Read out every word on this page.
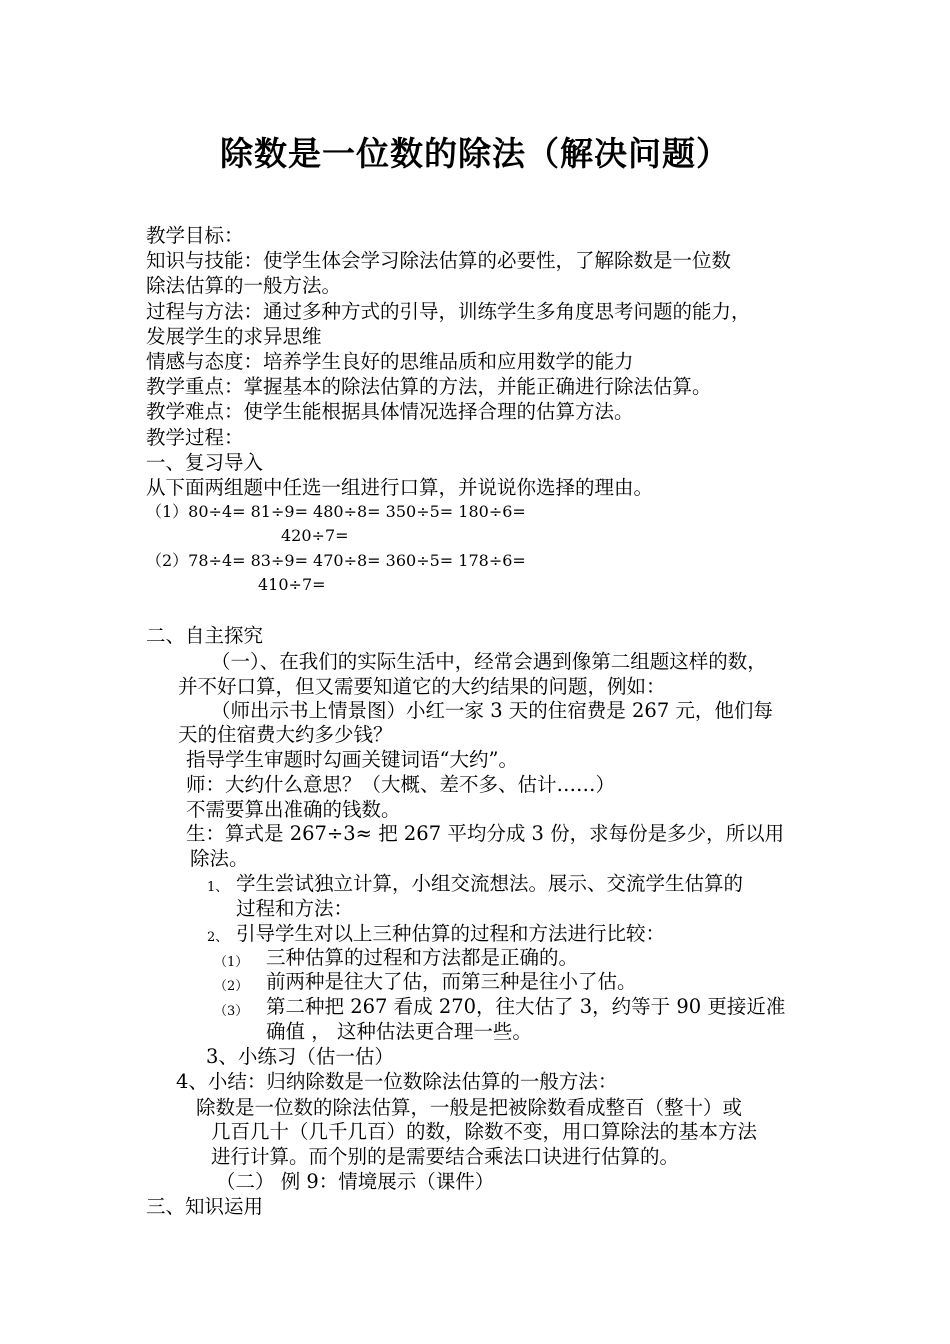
除数是一位数的除法（解决问题）
教学目标：
知识与技能：使学生体会学习除法估算的必要性，了解除数是一位数
除法估算的一般方法。
过程与方法：通过多种方式的引导，训练学生多角度思考问题的能力，
发展学生的求异思维
情感与态度：培养学生良好的思维品质和应用数学的能力
教学重点：掌握基本的除法估算的方法，并能正确进行除法估算。
教学难点：使学生能根据具体情况选择合理的估算方法。
教学过程：
一、复习导入
从下面两组题中任选一组进行口算，并说说你选择的理由。
（1）80÷4= 81÷9= 480÷8= 350÷5= 180÷6=
420÷7=
（2）78÷4= 83÷9= 470÷8= 360÷5= 178÷6=
410÷7=
二、自主探究
（一）、在我们的实际生活中，经常会遇到像第二组题这样的数，
并不好口算，但又需要知道它的大约结果的问题，例如：
（师出示书上情景图）小红一家 3 天的住宿费是 267 元，他们每
天的住宿费大约多少钱？
指导学生审题时勾画关键词语“大约”。
师：大约什么意思？（大概、差不多、估计……）
不需要算出准确的钱数。
生：算式是 267÷3≈ 把 267 平均分成 3 份，求每份是多少，所以用
除法。
1、 学生尝试独立计算，小组交流想法。展示、交流学生估算的
过程和方法：
2、 引导学生对以上三种估算的过程和方法进行比较：
（1） 三种估算的过程和方法都是正确的。
（2） 前两种是往大了估，而第三种是往小了估。
（3） 第二种把 267 看成 270，往大估了 3，约等于 90 更接近准
确值 ， 这种估法更合理一些。
3、小练习（估一估）
4、小结：归纳除数是一位数除法估算的一般方法：
除数是一位数的除法估算，一般是把被除数看成整百（整十）或
几百几十（几千几百）的数，除数不变，用口算除法的基本方法
进行计算。而个别的是需要结合乘法口诀进行估算的。
（二） 例 9：情境展示（课件）
三、知识运用
